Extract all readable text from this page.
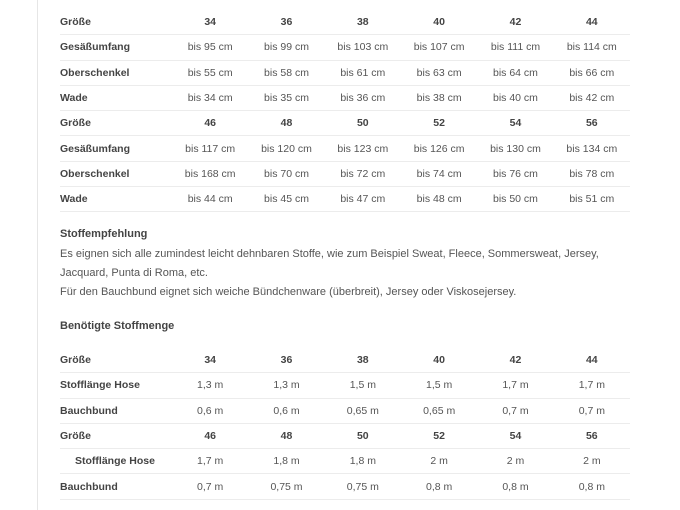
Größe	34	36	38	40	42	44
Gesäßumfang	bis 95 cm	bis 99 cm	bis 103 cm	bis 107 cm	bis 111 cm	bis 114 cm
Oberschenkel	bis 55 cm	bis 58 cm	bis 61 cm	bis 63 cm	bis 64 cm	bis 66 cm
Wade	bis 34 cm	bis 35 cm	bis 36 cm	bis 38 cm	bis 40 cm	bis 42 cm
Größe	46	48	50	52	54	56
Gesäßumfang	bis 117 cm	bis 120 cm	bis 123 cm	bis 126 cm	bis 130 cm	bis 134 cm
Oberschenkel	bis 168 cm	bis 70 cm	bis 72 cm	bis 74 cm	bis 76 cm	bis 78 cm
Wade	bis 44 cm	bis 45 cm	bis 47 cm	bis 48 cm	bis 50 cm	bis 51 cm

Stoffempfehlung

Es eignen sich alle zumindest leicht dehnbaren Stoffe, wie zum Beispiel Sweat, Fleece, Sommersweat, Jersey,

Jacquard, Punta di Roma, etc.

Für den Bauchbund eignet sich weiche Bündchenware (überbreit), Jersey oder Viskosejersey.

Benötigte Stoffmenge

Größe	34	36	38	40	42	44
Stofflänge Hose	1,3 m	1,3 m	1,5 m	1,5 m	1,7 m	1,7 m
Bauchbund	0,6 m	0,6 m	0,65 m	0,65 m	0,7 m	0,7 m
Größe	46	48	50	52	54	56
Stofflänge Hose	1,7 m	1,8 m	1,8 m	2 m	2 m	2 m
Bauchbund	0,7 m	0,75 m	0,75 m	0,8 m	0,8 m	0,8 m
